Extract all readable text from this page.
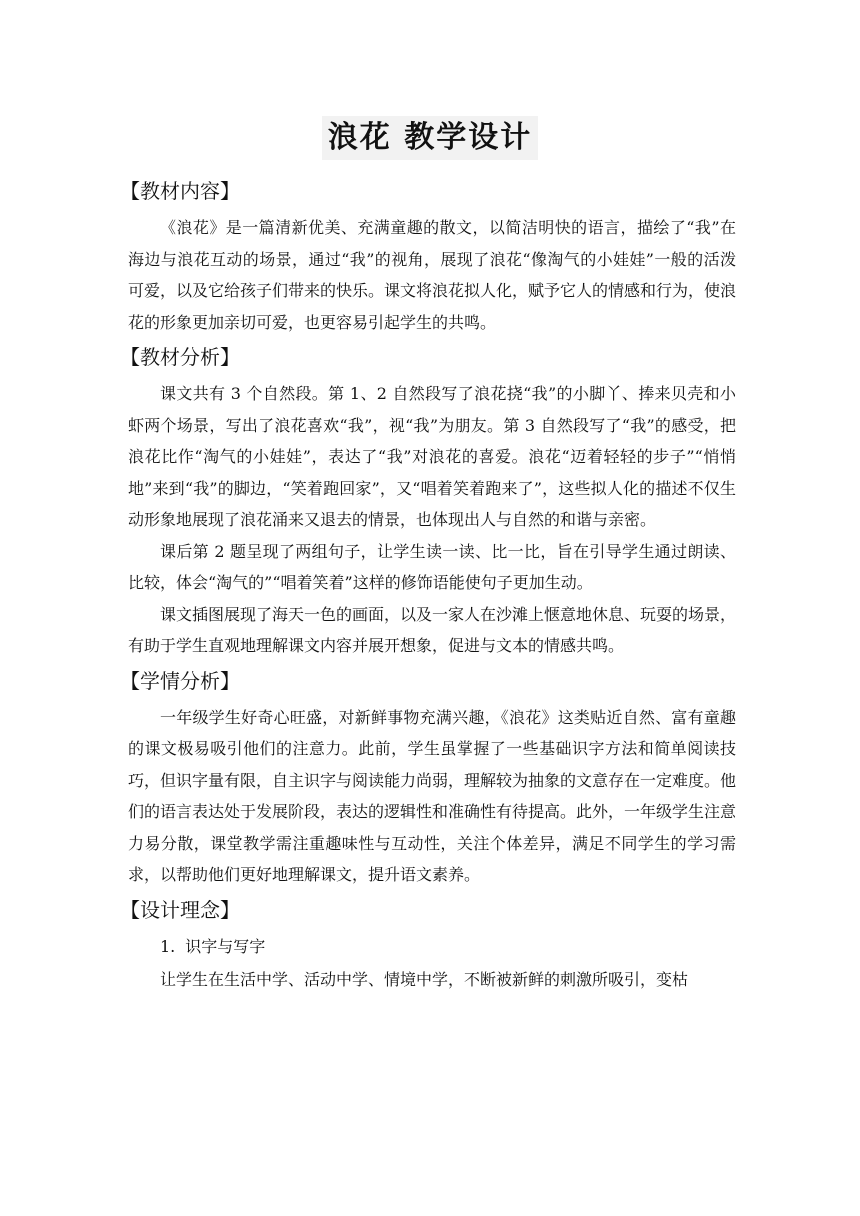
浪花 教学设计
【教材内容】

《浪花》是一篇清新优美、充满童趣的散文，以简洁明快的语言，描绘了“我”在海边与浪花互动的场景，通过“我”的视角，展现了浪花“像淘气的小娃娃”一般的活泼可爱，以及它给孩子们带来的快乐。课文将浪花拟人化，赋予它人的情感和行为，使浪花的形象更加亲切可爱，也更容易引起学生的共鸣。

【教材分析】

课文共有 3 个自然段。第 1、2 自然段写了浪花挠“我”的小脚丫、捧来贝壳和小虾两个场景，写出了浪花喜欢“我”，视“我”为朋友。第 3 自然段写了“我”的感受，把浪花比作“淘气的小娃娃”，表达了“我”对浪花的喜爱。浪花“迈着轻轻的步子”“悄悄地”来到“我”的脚边，“笑着跑回家”，又“唱着笑着跑来了”，这些拟人化的描述不仅生动形象地展现了浪花涌来又退去的情景，也体现出人与自然的和谐与亲密。

课后第 2 题呈现了两组句子，让学生读一读、比一比，旨在引导学生通过朗读、比较，体会“淘气的”“唱着笑着”这样的修饰语能使句子更加生动。

课文插图展现了海天一色的画面，以及一家人在沙滩上惬意地休息、玩耍的场景，有助于学生直观地理解课文内容并展开想象，促进与文本的情感共鸣。

【学情分析】

一年级学生好奇心旺盛，对新鲜事物充满兴趣，《浪花》这类贴近自然、富有童趣的课文极易吸引他们的注意力。此前，学生虽掌握了一些基础识字方法和简单阅读技巧，但识字量有限，自主识字与阅读能力尚弱，理解较为抽象的文意存在一定难度。他们的语言表达处于发展阶段，表达的逻辑性和准确性有待提高。此外，一年级学生注意力易分散，课堂教学需注重趣味性与互动性，关注个体差异，满足不同学生的学习需求，以帮助他们更好地理解课文，提升语文素养。

【设计理念】
1. 识字与写字

让学生在生活中学、活动中学、情境中学，不断被新鲜的刺激所吸引，变枯
